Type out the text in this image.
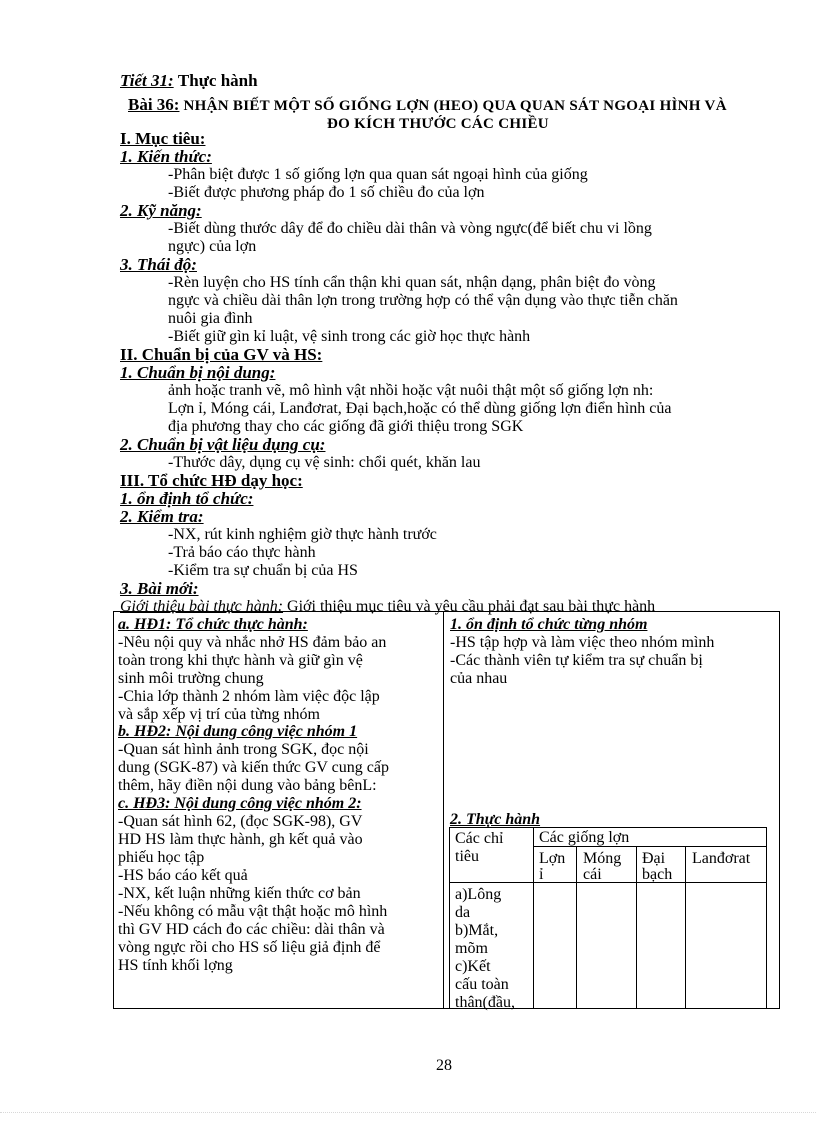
Tiết 31: Thực hành
Bài 36: NHẬN BIẾT MỘT SỐ GIỐNG LỢN (HEO) QUA QUAN SÁT NGOẠI HÌNH VÀ
ĐO KÍCH THƯỚC CÁC CHIỀU
I. Mục tiêu:
1. Kiến thức:
-Phân biệt được 1 số giống lợn qua quan sát ngoại hình của giống
-Biết được phương pháp đo 1 số chiều đo của lợn
2. Kỹ năng:
-Biết dùng thước dây để đo chiều dài thân và vòng ngực(để biết chu vi lồng
ngực) của lợn
3. Thái độ:
-Rèn luyện cho HS tính cẩn thận khi quan sát, nhận dạng, phân biệt đo vòng
ngực và chiều dài thân lợn trong trường hợp có thể vận dụng vào thực tiễn chăn
nuôi gia đình
-Biết giữ gìn kỉ luật, vệ sinh trong các giờ học thực hành
II. Chuẩn bị của GV và HS:
1. Chuẩn bị nội dung:
ảnh hoặc tranh vẽ, mô hình vật nhồi hoặc vật nuôi thật một số giống lợn nh:
Lợn ỉ, Móng cái, Lanđơrat, Đại bạch,hoặc có thể dùng giống lợn điển hình của
địa phương thay cho các giống đã giới thiệu trong SGK
2. Chuẩn bị vật liệu dụng cụ:
-Thước dây, dụng cụ vệ sinh: chổi quét, khăn lau
III. Tổ chức HĐ dạy học:
1. ổn định tổ chức:
2. Kiểm tra:
-NX, rút kinh nghiệm giờ thực hành trước
-Trả báo cáo thực hành
-Kiểm tra sự chuẩn bị của HS
3. Bài mới:
Giới thiệu bài thực hành: Giới thiệu mục tiêu và yêu cầu phải đạt sau bài thực hành
a. HĐ1: Tổ chức thực hành:
-Nêu nội quy và nhắc nhở HS đảm bảo an
toàn trong khi thực hành và giữ gìn vệ
sinh môi trường chung
-Chia lớp thành 2 nhóm làm việc độc lập
và sắp xếp vị trí của từng nhóm
b. HĐ2: Nội dung công việc nhóm 1
-Quan sát hình ảnh trong SGK, đọc nội
dung (SGK-87) và kiến thức GV cung cấp
thêm, hãy điền nội dung vào bảng bênL:
c. HĐ3: Nội dung công việc nhóm 2:
-Quan sát hình 62, (đọc SGK-98), GV
HD HS làm thực hành, gh kết quả vào
phiếu học tập
-HS báo cáo kết quả
-NX, kết luận những kiến thức cơ bản
-Nếu không có mẫu vật thật hoặc mô hình
thì GV HD cách đo các chiều: dài thân và
vòng ngực rồi cho HS số liệu giả định để
HS tính khối lợng
1. ổn định tổ chức từng nhóm
-HS tập hợp và làm việc theo nhóm mình
-Các thành viên tự kiểm tra sự chuẩn bị
của nhau
2. Thực hành
Các chỉ
tiêu
Các giống lợn
Lợn
ỉ
Móng
cái
Đại
bạch
Lanđơrat
a)Lông
da
b)Mắt,
mõm
c)Kết
cấu toàn
thân(đầu,
28
